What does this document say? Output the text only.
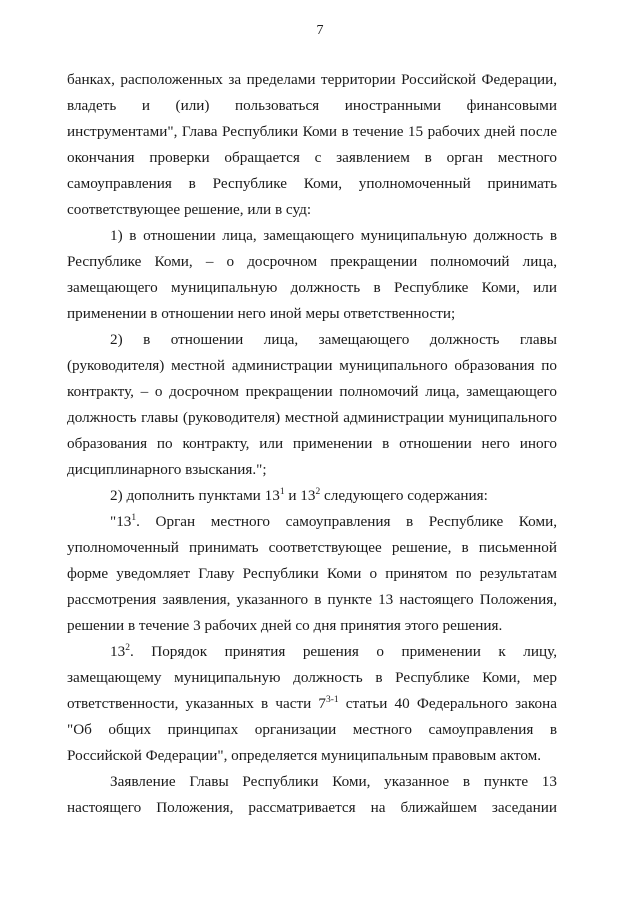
7

банках, расположенных за пределами территории Российской Федерации, владеть и (или) пользоваться иностранными финансовыми инструментами", Глава Республики Коми в течение 15 рабочих дней после окончания проверки обращается с заявлением в орган местного самоуправления в Республике Коми, уполномоченный принимать соответствующее решение, или в суд:

1) в отношении лица, замещающего муниципальную должность в Республике Коми, – о досрочном прекращении полномочий лица, замещающего муниципальную должность в Республике Коми, или применении в отношении него иной меры ответственности;

2) в отношении лица, замещающего должность главы (руководителя) местной администрации муниципального образования по контракту, – о досрочном прекращении полномочий лица, замещающего должность главы (руководителя) местной администрации муниципального образования по контракту, или применении в отношении него иного дисциплинарного взыскания.";

2) дополнить пунктами $13^1$ и $13^2$ следующего содержания:

"$13^1$. Орган местного самоуправления в Республике Коми, уполномоченный принимать соответствующее решение, в письменной форме уведомляет Главу Республики Коми о принятом по результатам рассмотрения заявления, указанного в пункте 13 настоящего Положения, решении в течение 3 рабочих дней со дня принятия этого решения.

$13^2$. Порядок принятия решения о применении к лицу, замещающему муниципальную должность в Республике Коми, мер ответственности, указанных в части 7$^{3-1}$ статьи 40 Федерального закона "Об общих принципах организации местного самоуправления в Российской Федерации", определяется муниципальным правовым актом.

Заявление Главы Республики Коми, указанное в пункте 13 настоящего Положения, рассматривается на ближайшем заседании
